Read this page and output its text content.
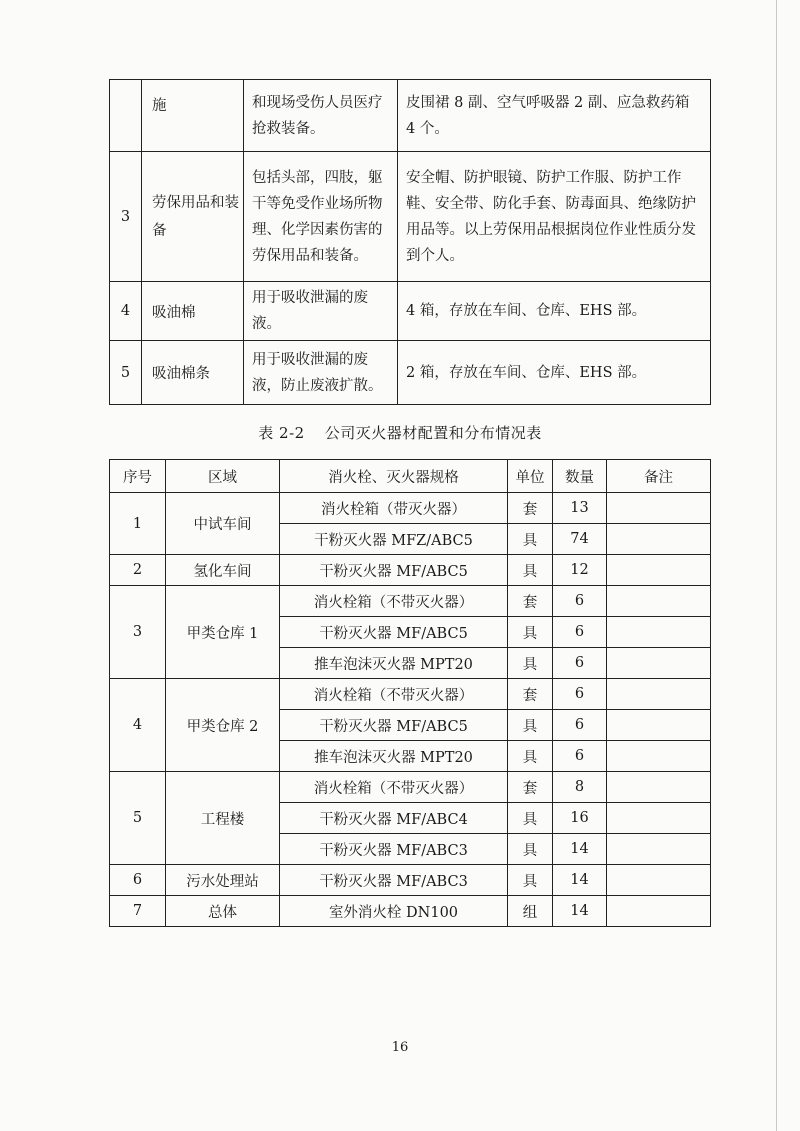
	施	和现场受伤人员医疗抢救装备。	皮围裙 8 副、空气呼吸器 2 副、应急救药箱 4 个。
3	劳保用品和装备	包括头部，四肢，躯干等免受作业场所物理、化学因素伤害的劳保用品和装备。	安全帽、防护眼镜、防护工作服、防护工作鞋、安全带、防化手套、防毒面具、绝缘防护用品等。以上劳保用品根据岗位作业性质分发到个人。
4	吸油棉	用于吸收泄漏的废液。	4 箱，存放在车间、仓库、EHS 部。
5	吸油棉条	用于吸收泄漏的废液，防止废液扩散。	2 箱，存放在车间、仓库、EHS 部。
表 2-2 公司灭火器材配置和分布情况表
序号	区域	消火栓、灭火器规格	单位	数量	备注
1	中试车间	消火栓箱（带灭火器）	套	13	
		干粉灭火器 MFZ/ABC5	具	74	
2	氢化车间	干粉灭火器 MF/ABC5	具	12	
3	甲类仓库 1	消火栓箱（不带灭火器）	套	6	
		干粉灭火器 MF/ABC5	具	6	
		推车泡沫灭火器 MPT20	具	6	
4	甲类仓库 2	消火栓箱（不带灭火器）	套	6	
		干粉灭火器 MF/ABC5	具	6	
		推车泡沫灭火器 MPT20	具	6	
5	工程楼	消火栓箱（不带灭火器）	套	8	
		干粉灭火器 MF/ABC4	具	16	
		干粉灭火器 MF/ABC3	具	14	
6	污水处理站	干粉灭火器 MF/ABC3	具	14	
7	总体	室外消火栓 DN100	组	14	
16
